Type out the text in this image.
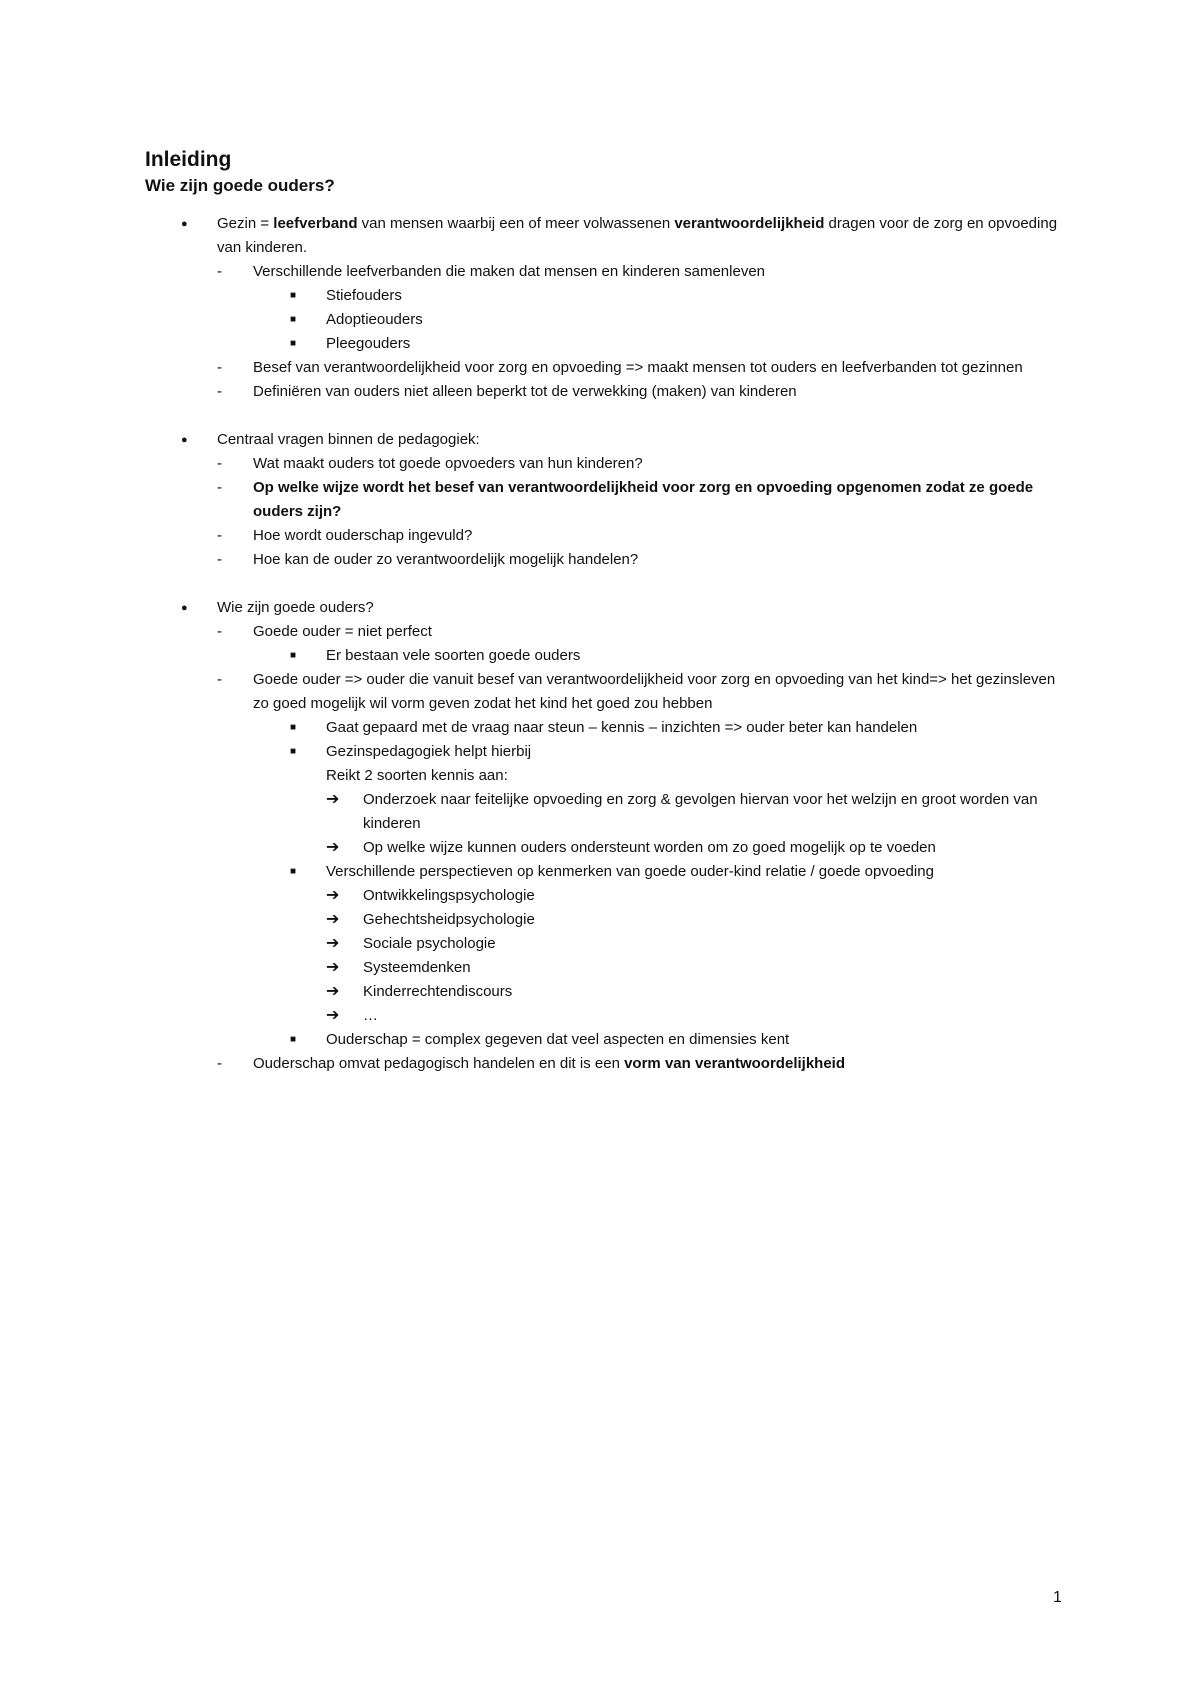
Inleiding
Wie zijn goede ouders?
● Gezin = leefverband van mensen waarbij een of meer volwassenen verantwoordelijkheid dragen voor de zorg en opvoeding van kinderen.
- Verschillende leefverbanden die maken dat mensen en kinderen samenleven
■ Stiefouders
■ Adoptieouders
■ Pleegouders
- Besef van verantwoordelijkheid voor zorg en opvoeding => maakt mensen tot ouders en leefverbanden tot gezinnen
- Definiëren van ouders niet alleen beperkt tot de verwekking (maken) van kinderen
● Centraal vragen binnen de pedagogiek:
- Wat maakt ouders tot goede opvoeders van hun kinderen?
- Op welke wijze wordt het besef van verantwoordelijkheid voor zorg en opvoeding opgenomen zodat ze goede ouders zijn?
- Hoe wordt ouderschap ingevuld?
- Hoe kan de ouder zo verantwoordelijk mogelijk handelen?
● Wie zijn goede ouders?
- Goede ouder = niet perfect
■ Er bestaan vele soorten goede ouders
- Goede ouder => ouder die vanuit besef van verantwoordelijkheid voor zorg en opvoeding van het kind=> het gezinsleven zo goed mogelijk wil vorm geven zodat het kind het goed zou hebben
■ Gaat gepaard met de vraag naar steun – kennis – inzichten => ouder beter kan handelen
■ Gezinspedagogiek helpt hierbij
Reikt 2 soorten kennis aan:
➔ Onderzoek naar feitelijke opvoeding en zorg & gevolgen hiervan voor het welzijn en groot worden van kinderen
➔ Op welke wijze kunnen ouders ondersteunt worden om zo goed mogelijk op te voeden
■ Verschillende perspectieven op kenmerken van goede ouder-kind relatie / goede opvoeding
➔ Ontwikkelingspsychologie
➔ Gehechtsheidpsychologie
➔ Sociale psychologie
➔ Systeemdenken
➔ Kinderrechtendiscours
➔ …
■ Ouderschap = complex gegeven dat veel aspecten en dimensies kent
- Ouderschap omvat pedagogisch handelen en dit is een vorm van verantwoordelijkheid
1
